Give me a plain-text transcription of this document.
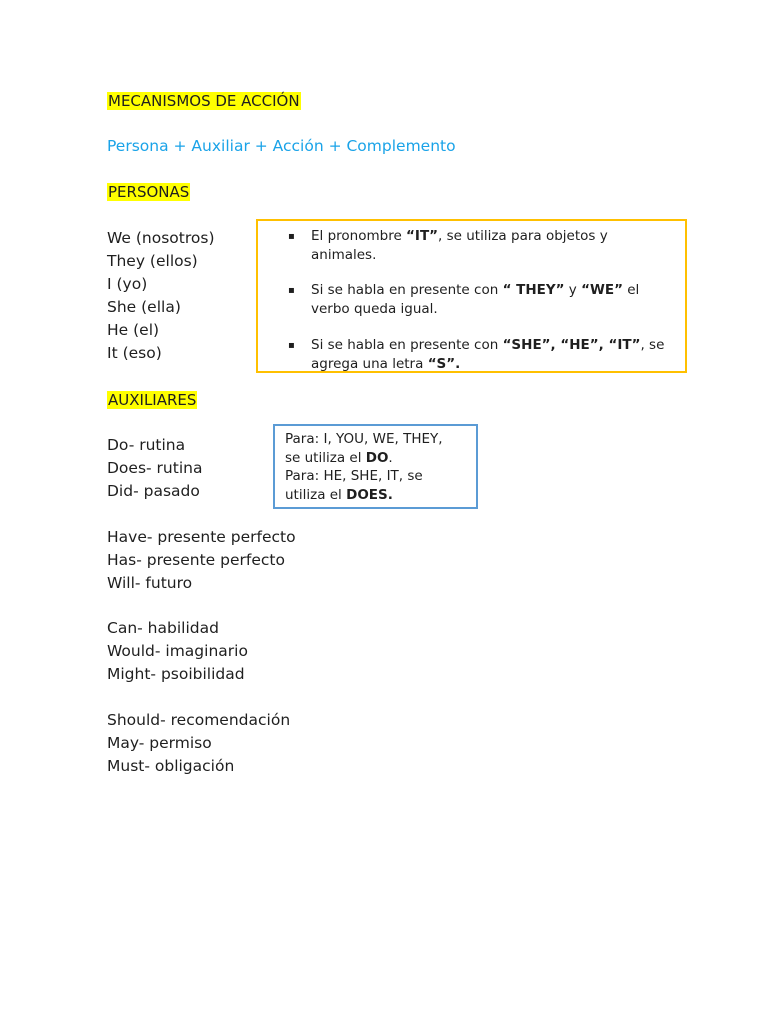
MECANISMOS DE ACCIÓN
Persona + Auxiliar + Acción + Complemento
PERSONAS
We (nosotros)
They (ellos)
I (yo)
She (ella)
He (el)
It (eso)
▪ El pronombre “IT”, se utiliza para objetos y animales.
▪ Si se habla en presente con “ THEY” y “WE” el verbo queda igual.
▪ Si se habla en presente con “SHE”, “HE”, “IT”, se agrega una letra “S”.
AUXILIARES
Do- rutina
Does- rutina
Did- pasado
Para: I, YOU, WE, THEY,
se utiliza el DO.
Para: HE, SHE, IT, se
utiliza el DOES.
Have- presente perfecto
Has- presente perfecto
Will- futuro
Can- habilidad
Would- imaginario
Might- psoibilidad
Should- recomendación
May- permiso
Must- obligación
